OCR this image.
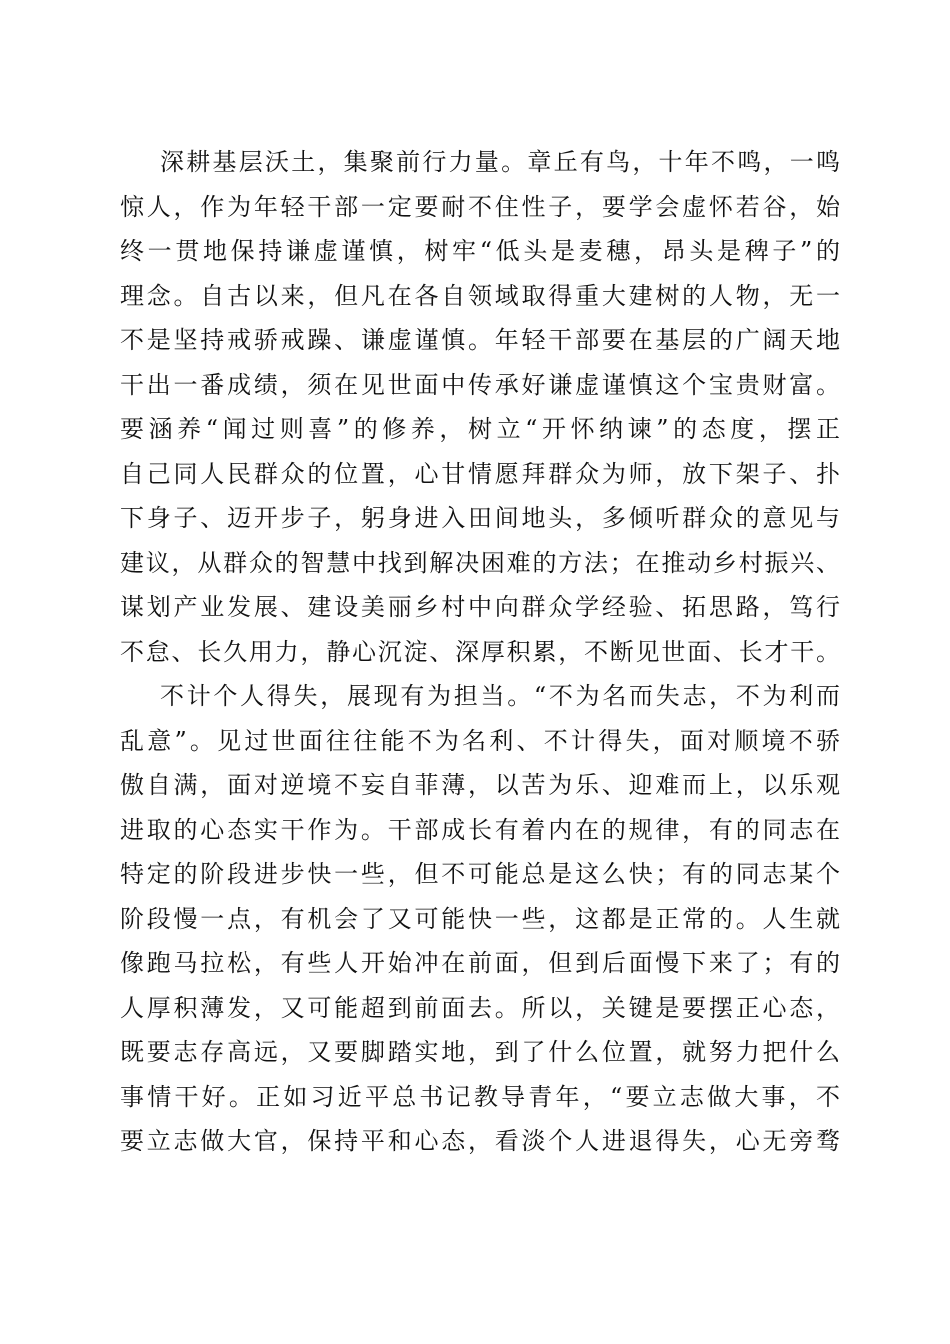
深耕基层沃土，集聚前行力量。章丘有鸟，十年不鸣，一鸣
惊人，作为年轻干部一定要耐不住性子，要学会虚怀若谷，始
终一贯地保持谦虚谨慎，树牢“低头是麦穗，昂头是稗子”的
理念。自古以来，但凡在各自领域取得重大建树的人物，无一
不是坚持戒骄戒躁、谦虚谨慎。年轻干部要在基层的广阔天地
干出一番成绩，须在见世面中传承好谦虚谨慎这个宝贵财富。
要涵养“闻过则喜”的修养，树立“开怀纳谏”的态度，摆正
自己同人民群众的位置，心甘情愿拜群众为师，放下架子、扑
下身子、迈开步子，躬身进入田间地头，多倾听群众的意见与
建议，从群众的智慧中找到解决困难的方法；在推动乡村振兴、
谋划产业发展、建设美丽乡村中向群众学经验、拓思路，笃行
不怠、长久用力，静心沉淀、深厚积累，不断见世面、长才干。
不计个人得失，展现有为担当。“不为名而失志，不为利而
乱意”。见过世面往往能不为名利、不计得失，面对顺境不骄
傲自满，面对逆境不妄自菲薄，以苦为乐、迎难而上，以乐观
进取的心态实干作为。干部成长有着内在的规律，有的同志在
特定的阶段进步快一些，但不可能总是这么快；有的同志某个
阶段慢一点，有机会了又可能快一些，这都是正常的。人生就
像跑马拉松，有些人开始冲在前面，但到后面慢下来了；有的
人厚积薄发，又可能超到前面去。所以，关键是要摆正心态，
既要志存高远，又要脚踏实地，到了什么位置，就努力把什么
事情干好。正如习近平总书记教导青年，“要立志做大事，不
要立志做大官，保持平和心态，看淡个人进退得失，心无旁骛
